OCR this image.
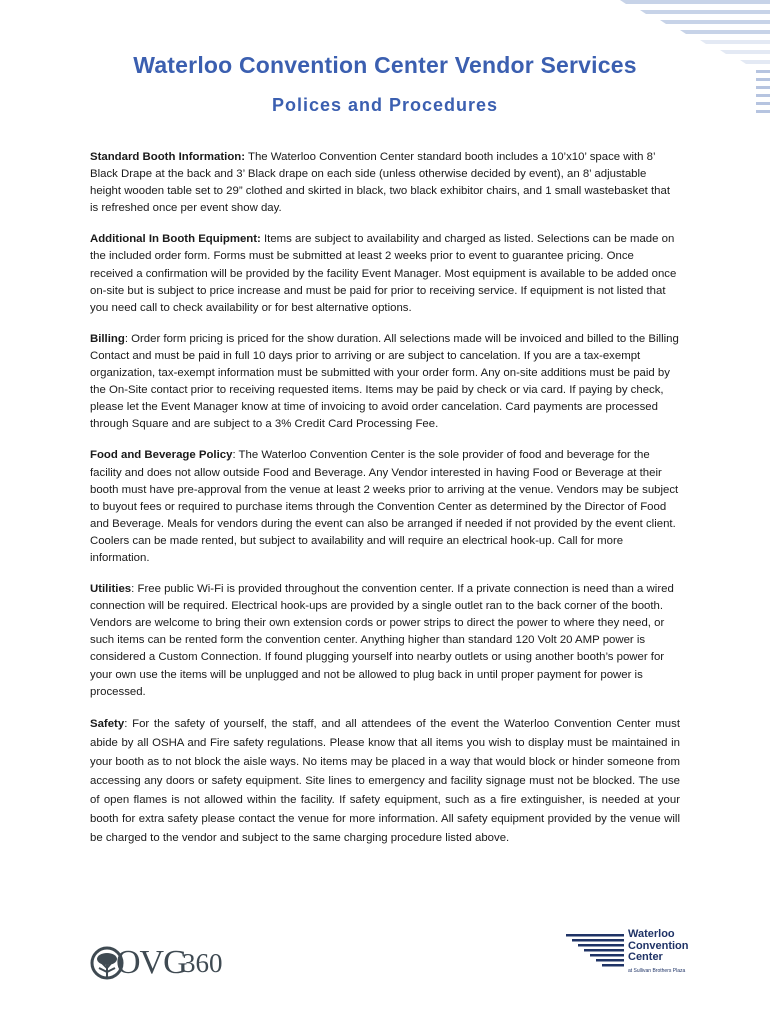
Waterloo Convention Center Vendor Services
Polices and Procedures

Standard Booth Information: The Waterloo Convention Center standard booth includes a 10’x10’ space with 8’ Black Drape at the back and 3’ Black drape on each side (unless otherwise decided by event), an 8’ adjustable height wooden table set to 29” clothed and skirted in black, two black exhibitor chairs, and 1 small wastebasket that is refreshed once per event show day.

Additional In Booth Equipment: Items are subject to availability and charged as listed. Selections can be made on the included order form. Forms must be submitted at least 2 weeks prior to event to guarantee pricing. Once received a confirmation will be provided by the facility Event Manager. Most equipment is available to be added once on-site but is subject to price increase and must be paid for prior to receiving service. If equipment is not listed that you need call to check availability or for best alternative options.

Billing: Order form pricing is priced for the show duration. All selections made will be invoiced and billed to the Billing Contact and must be paid in full 10 days prior to arriving or are subject to cancelation. If you are a tax-exempt organization, tax-exempt information must be submitted with your order form. Any on-site additions must be paid by the On-Site contact prior to receiving requested items. Items may be paid by check or via card. If paying by check, please let the Event Manager know at time of invoicing to avoid order cancelation. Card payments are processed through Square and are subject to a 3% Credit Card Processing Fee.

Food and Beverage Policy: The Waterloo Convention Center is the sole provider of food and beverage for the facility and does not allow outside Food and Beverage. Any Vendor interested in having Food or Beverage at their booth must have pre-approval from the venue at least 2 weeks prior to arriving at the venue. Vendors may be subject to buyout fees or required to purchase items through the Convention Center as determined by the Director of Food and Beverage. Meals for vendors during the event can also be arranged if needed if not provided by the event client. Coolers can be made rented, but subject to availability and will require an electrical hook-up. Call for more information.

Utilities: Free public Wi-Fi is provided throughout the convention center. If a private connection is need than a wired connection will be required. Electrical hook-ups are provided by a single outlet ran to the back corner of the booth. Vendors are welcome to bring their own extension cords or power strips to direct the power to where they need, or such items can be rented form the convention center. Anything higher than standard 120 Volt 20 AMP power is considered a Custom Connection. If found plugging yourself into nearby outlets or using another booth’s power for your own use the items will be unplugged and not be allowed to plug back in until proper payment for power is processed.

Safety: For the safety of yourself, the staff, and all attendees of the event the Waterloo Convention Center must abide by all OSHA and Fire safety regulations. Please know that all items you wish to display must be maintained in your booth as to not block the aisle ways. No items may be placed in a way that would block or hinder someone from accessing any doors or safety equipment. Site lines to emergency and facility signage must not be blocked. The use of open flames is not allowed within the facility. If safety equipment, such as a fire extinguisher, is needed at your booth for extra safety please contact the venue for more information. All safety equipment provided by the venue will be charged to the vendor and subject to the same charging procedure listed above.

OVG
360
Waterloo
Convention
Center
at Sullivan Brothers Plaza
